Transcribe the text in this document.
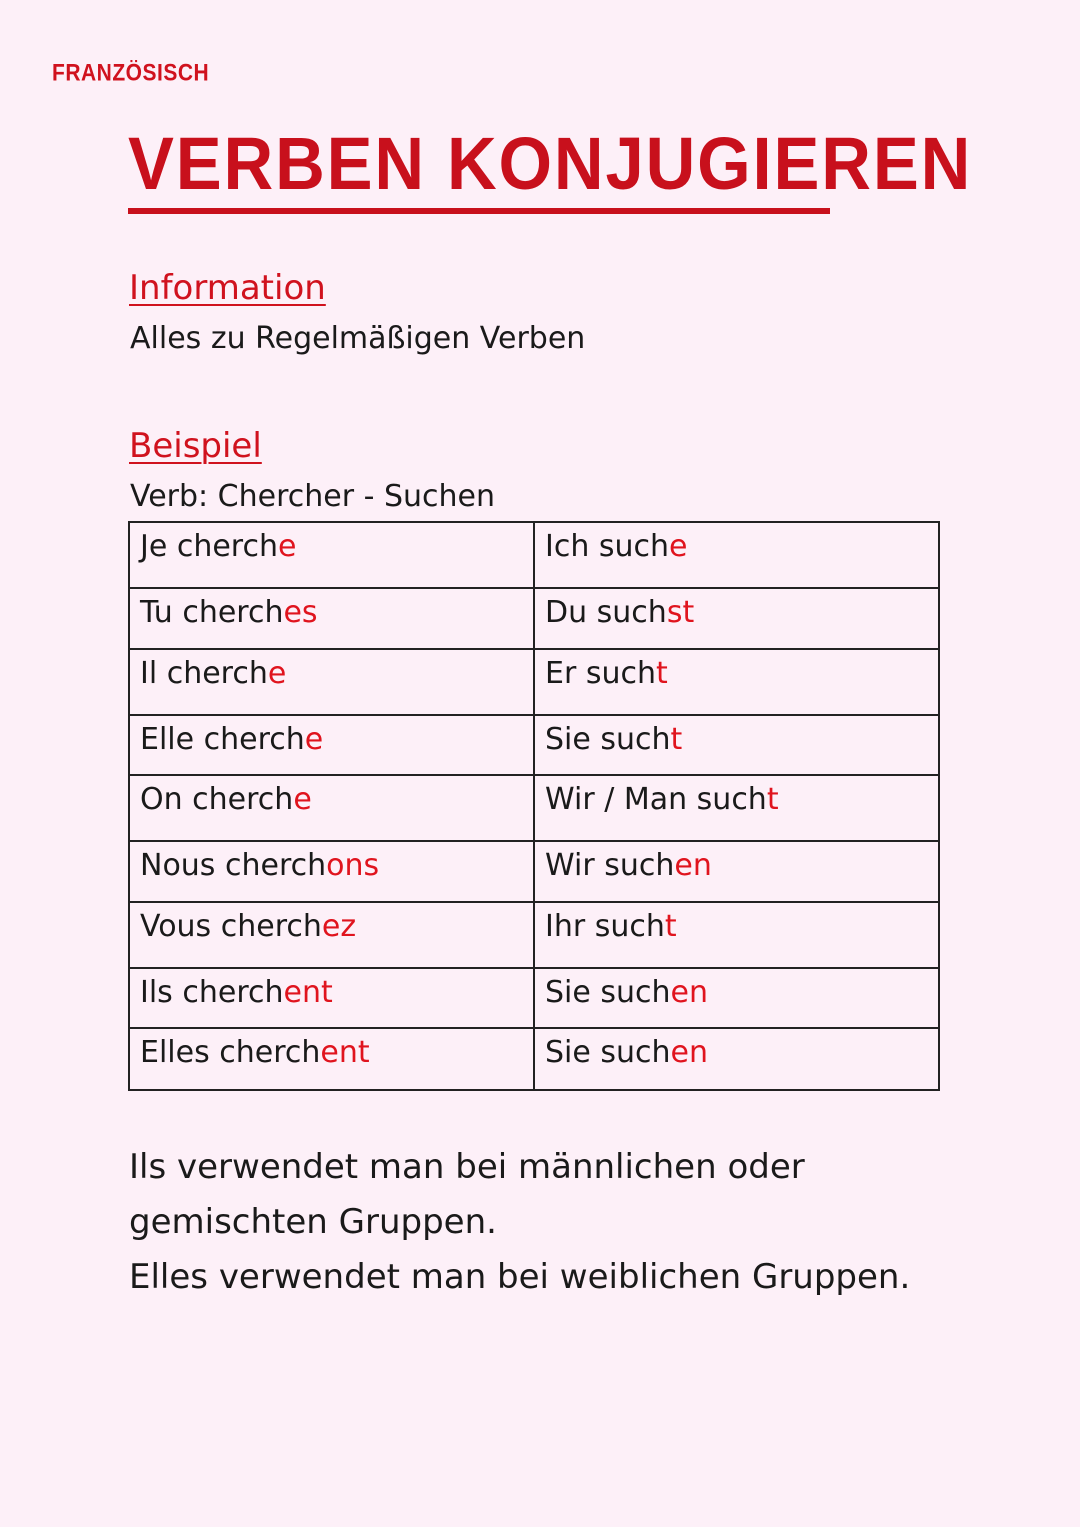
FRANZÖSISCH
VERBEN KONJUGIEREN
Information
Alles zu Regelmäßigen Verben
Beispiel
Verb: Chercher - Suchen
Je cherche	Ich suche
Tu cherches	Du suchst
Il cherche	Er sucht
Elle cherche	Sie sucht
On cherche	Wir / Man sucht
Nous cherchons	Wir suchen
Vous cherchez	Ihr sucht
Ils cherchent	Sie suchen
Elles cherchent	Sie suchen
Ils verwendet man bei männlichen oder
gemischten Gruppen.
Elles verwendet man bei weiblichen Gruppen.
